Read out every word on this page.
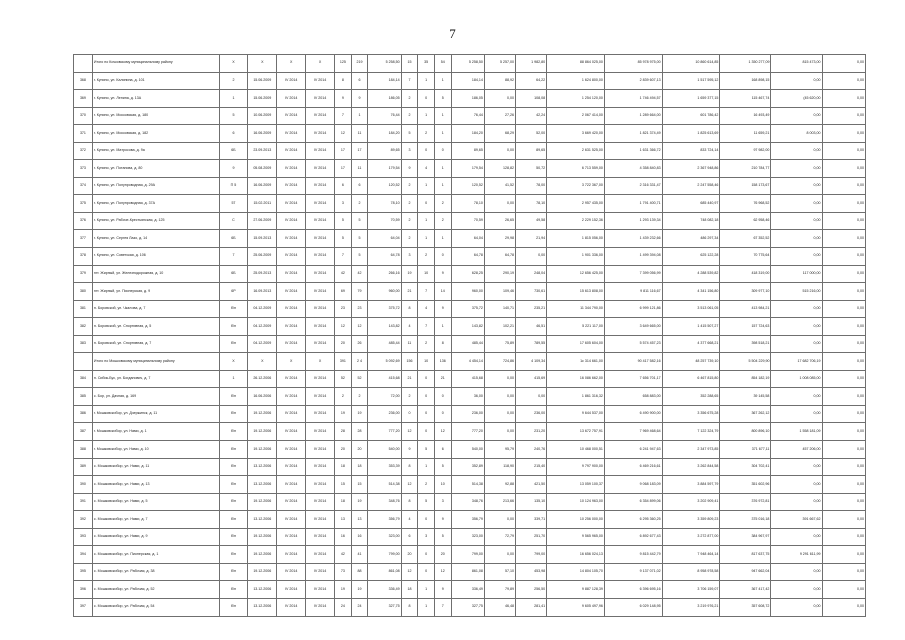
7
	Итого по Кочковскому муниципальному району	X	X	X	X	125	219	5 258,50	15	35	54	5 258,50	5 257,00	1 982,80	88 864 025,00	85 978 975,00	10 860 614,85	1 350 277,09	815 473,00	0,00
368	г. Купино, ул. Калинина, д. 101	2	15.06.2009	IV 2014	IV 2014	8	6	184,14	7	1	1	184,14	88,92	64,22	1 624 800,00	2 839 607,13	1 517 595,12	168 898,15	0,00	0,00
369	г. Купино, ул. Ленина, д. 13А	1	15.06.2009	IV 2014	IV 2014	9	9	186,05	2	0	5	186,05	0,00	108,08	1 254 120,00	1 746 494,57	1 659 377,15	115 467,74	(45 620,00	0,00
370	г. Купино, ул. Московская, д. 180	5	10.06.2009	IV 2014	IV 2014	7	1	76,44	2	1	1	76,44	27,26	42,24	2 067 414,00	1 289 664,00	601 786,42	16 493,49	0,00	0,00
371	г. Купино, ул. Московская, д. 182	6	16.06.2009	IV 2014	IV 2014	12	11	184,20	5	2	1	184,20	68,29	52,00	3 669 420,00	1 821 374,49	1 825 613,69	11 659,21	8 003,00	0,00
372	г. Купино, ул. Матросова, д. 9а	6Б	23.09.2013	IV 2014	IV 2014	17	17	89,65	3	0	0	89,65	0,00	89,65	2 631 525,00	1 631 366,72	833 724,14	97 982,00	0,00	0,00
373	г. Купино, ул. Потапова, д. 80	9	05.08.2009	IV 2014	IV 2014	17	11	179,54	9	4	1	179,54	128,82	50,72	6 713 559,00	4 358 840,83	2 367 948,86	210 784,77	0,00	0,00
374	г. Купино, ул. Полупроводная, д. 29А	П 5	16.06.2009	IV 2014	IV 2014	6	6	120,52	2	1	1	120,52	41,52	78,00	3 722 367,00	2 316 331,47	2 247 558,46	158 173,67	0,00	0,00
375	г. Купино, ул. Полупроводная, д. 37А	57	15.02.2011	IV 2014	IV 2014	3	2	78,10	2	0	2	78,10	0,00	78,10	2 957 435,00	1 791 400,71	685 440,97	76 968,52	0,00	0,00
376	г. Купино, ул. Рабоче-Крестьянская, д. 125	С	27.06.2009	IV 2014	IV 2014	5	5	70,59	2	1	2	70,59	26,65	49,58	2 229 152,36	1 293 139,34	748 082,18	62 958,46	0,00	0,00
377	г. Купино, ул. Сергея Лазо, д. 14	6Б	15.09.2013	IV 2014	IV 2014	5	5	64,04	2	1	1	64,04	29,98	21,94	1 815 056,00	1 439 232,66	486 297,34	67 352,52	0,00	0,00
378	г. Купино, ул. Советская, д. 106	7	25.06.2009	IV 2014	IV 2014	7	5	64,78	3	2	0	64,78	64,78	0,00	1 901 336,00	1 499 394,08	625 122,28	70 775,64	0,00	0,00
379	пгт. Жирный, ул. Железнодорожная, д. 10	6Б	25.09.2013	IV 2014	IV 2014	42	42	266,16	19	10	9	628,25	290,19	248,04	12 656 425,00	7 399 056,99	4 288 539,82	418 319,00	117 000,00	0,00
380	пгт. Жирный, ул. Пионерская, д. 9	6Р	16.09.2013	IV 2014	IV 2014	69	79	960,00	21	7	14	960,00	109,46	730,61	15 613 808,00	9 811 116,67	4 341 156,80	309 977,10	515 216,00	0,00
381	п. Боровской, ул. Чкалова, д. 7	б/н	04.12.2009	IV 2014	IV 2014	23	23	375,72	8	4	9	375,72	140,71	235,21	11 344 790,00	6 999 121,86	3 513 061,05	413 984,21	0,00	0,00
382	п. Боровской, ул. Спортивная, д. 5	б/н	04.12.2009	IV 2014	IV 2014	12	12	143,82	4	7	1	143,82	102,21	46,51	5 221 117,00	3 649 665,00	1 415 507,27	157 724,63	0,00	0,00
383	п. Боровской, ул. Спортивная, д. 7	б/н	04.12.2009	IV 2014	IV 2014	20	26	485,44	11	2	8	485,44	75,89	789,55	17 605 604,00	5 574 457,23	4 377 668,21	398 518,21	0,00	0,00
	Итого по Мошковскому муниципальному району	X	X	X	X	391	2 4	5 092,69	156	10	136	4 454,14	724,86	4 109,34	1с 314 661,00	90 417 582,16	48 257 739,10	5 504 229,90	17 682 706,19	0,00
384	п. Сибик-Бус, ул. Богданович, д. 7	1	26.12.2006	IV 2014	IV 2014	52	52	415,68	21	0	21	415,68	0,00	415,69	16 086 662,00	7 656 701,17	6 467 815,80	854 182,19	1 008 085,00	0,00
385	с. Бор, ул. Дачная, д. 169	б/н	16.06.2006	IV 2014	IV 2014	2	2	72,00	2	0	0	36,00	0,00	0,00	1 861 316,32	658 883,00	352 288,65	39 145,58	0,00	0,00
386	г. Мошковскобор, ул. Дзержинск, д. 11	б/н	19.12.2006	IV 2014	IV 2014	19	19	236,00	0	0	0	236,00	0,00	236,00	9 644 537,00	6 490 900,00	3 356 675,28	367 262,12	0,00	0,00
387	г. Мошковскобор, ул. Нами, д. 1	б/н	19.12.2006	IV 2014	IV 2014	28	28	777,20	12	0	12	777,20	0,00	231,20	13 672 757,91	7 969 468,64	7 122 324,79	800 896,10	1 558 181,09	0,00
388	г. Мошковскобор, ул. Нами, д. 10	б/н	19.12.2006	IV 2014	IV 2014	20	20	540,00	9	5	6	540,00	95,79	240,76	10 468 000,51	6 241 947,63	2 347 973,85	371 677,11	457 206,00	0,00
389	с. Мошковскобор, ул. Нами, д. 11	б/н	13.12.2006	IV 2014	IV 2014	18	18	353,39	8	1	5	352,89	118,90	215,40	9 797 900,00	6 469 216,61	3 262 844,58	304 702,41	0,00	0,00
390	с. Мошковскобор, ул. Нами, д. 13	б/н	13.12.2006	IV 2014	IV 2014	15	15	514,38	12	2	10	514,38	92,88	421,50	13 059 100,37	9 068 183,09	3 884 597,79	351 602,96	0,00	0,00
391	с. Мошковскобор, ул. Нами, д. 5	б/н	19.12.2006	IV 2014	IV 2014	18	19	348,76	8	5	3	348,76	213,66	135,10	10 124 963,00	6 354 899,06	3 202 909,41	376 972,81	0,00	0,00
392	с. Мошковскобор, ул. Нами, д. 7	б/н	13.12.2006	IV 2014	IV 2014	13	13	356,79	4	0	9	356,79	0,00	339,71	10 256 000,00	6 295 360,25	3 359 809,23	375 016,18	391 667,62	0,00
393	с. Мошковскобор, ул. Нами, д. 9	б/н	19.12.2006	IV 2014	IV 2014	16	16	323,00	6	3	5	323,00	72,79	251,70	9 565 965,00	6 892 677,43	3 272 877,00	384 967,97	0,00	0,00
394	с. Мошковскобор, ул. Пионерская, д. 1	б/н	19.12.2006	IV 2014	IV 2014	42	41	799,00	20	0	20	799,00	0,00	799,00	16 656 024,13	9 815 442,79	7 948 464,14	817 637,75	9 291 611,99	0,00
395	с. Мошковскобор, ул. Рабочая, д. 38	б/н	19.12.2006	IV 2014	IV 2014	73	88	861,08	12	0	12	861,08	57,10	453,98	14 804 105,70	9 137 071,02	8 958 978,58	947 662,04	0,00	0,00
396	с. Мошковскобор, ул. Рабочая, д. 52	б/н	13.12.2006	IV 2014	IV 2014	19	19	336,49	18	1	9	336,49	79,89	256,50	9 887 128,39	6 396 695,16	3 706 159,07	367 417,42	0,00	0,00
397	с. Мошковскобор, ул. Рабочая, д. 54	б/н	13.12.2006	IV 2014	IV 2014	24	24	327,75	8	1	7	327,75	46,48	281,41	9 605 497,96	6 029 148,95	3 219 976,21	357 608,72	0,00	0,00
